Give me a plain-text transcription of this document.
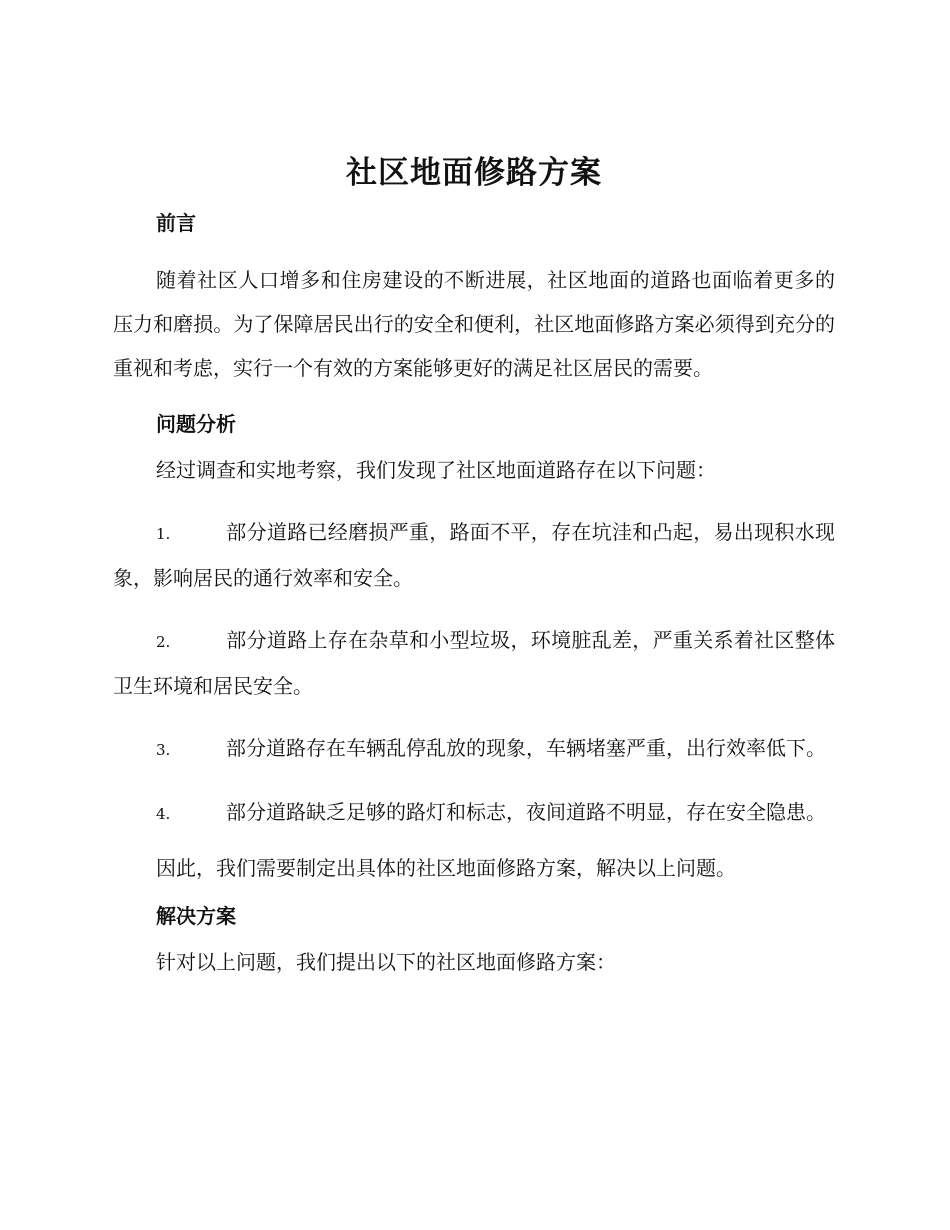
社区地面修路方案
前言

随着社区人口增多和住房建设的不断进展，社区地面的道路也面临着更多的压力和磨损。为了保障居民出行的安全和便利，社区地面修路方案必须得到充分的重视和考虑，实行一个有效的方案能够更好的满足社区居民的需要。

问题分析

经过调查和实地考察，我们发现了社区地面道路存在以下问题：

1.	部分道路已经磨损严重，路面不平，存在坑洼和凸起，易出现积水现象，影响居民的通行效率和安全。

2.	部分道路上存在杂草和小型垃圾，环境脏乱差，严重关系着社区整体卫生环境和居民安全。

3.	部分道路存在车辆乱停乱放的现象，车辆堵塞严重，出行效率低下。

4.	部分道路缺乏足够的路灯和标志，夜间道路不明显，存在安全隐患。

因此，我们需要制定出具体的社区地面修路方案，解决以上问题。

解决方案

针对以上问题，我们提出以下的社区地面修路方案：
